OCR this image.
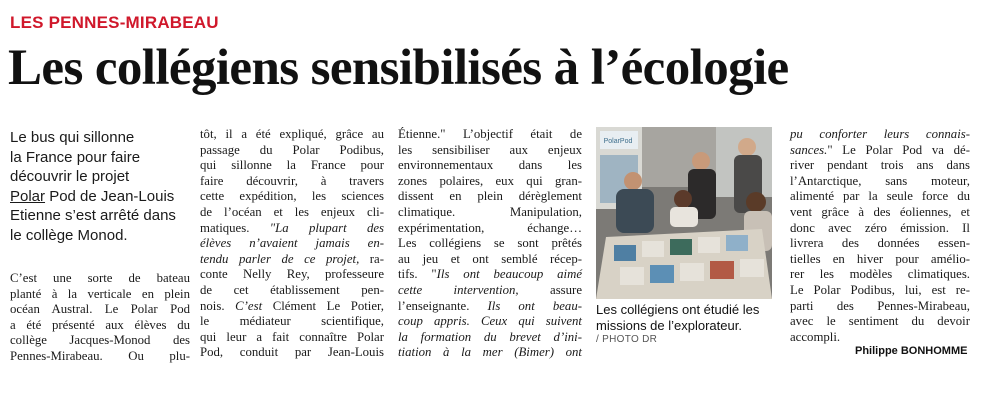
LES PENNES-MIRABEAU
Les collégiens sensibilisés à l’écologie
Le bus qui sillonne
la France pour faire
découvrir le projet
Polar Pod de Jean-Louis
Etienne s’est arrêté dans
le collège Monod.
C’est une sorte de bateau
planté à la verticale en plein
océan Austral. Le Polar Pod
a été présenté aux élèves du
collège Jacques-Monod des
Pennes-Mirabeau. Ou plu-
tôt, il a été expliqué, grâce au
passage du Polar Podibus,
qui sillonne la France pour
faire découvrir, à travers
cette expédition, les sciences
de l’océan et les enjeux cli-
matiques. "La plupart des
élèves n’avaient jamais en-
tendu parler de ce projet, ra-
conte Nelly Rey, professeure
de cet établissement pen-
nois. C’est Clément Le Potier,
le médiateur scientifique,
qui leur a fait connaître Polar
Pod, conduit par Jean-Louis
Étienne." L’objectif était de
les sensibiliser aux enjeux
environnementaux dans les
zones polaires, eux qui gran-
dissent en plein dérèglement
climatique. Manipulation,
expérimentation, échange…
Les collégiens se sont prêtés
au jeu et ont semblé récep-
tifs. "Ils ont beaucoup aimé
cette intervention, assure
l’enseignante. Ils ont beau-
coup appris. Ceux qui suivent
la formation du brevet d’ini-
tiation à la mer (Bimer) ont
PolarPod
Les collégiens ont étudié les
missions de l’explorateur.
/ PHOTO DR
pu conforter leurs connais-
sances." Le Polar Pod va dé-
river pendant trois ans dans
l’Antarctique, sans moteur,
alimenté par la seule force du
vent grâce à des éoliennes, et
donc avec zéro émission. Il
livrera des données essen-
tielles en hiver pour amélio-
rer les modèles climatiques.
Le Polar Podibus, lui, est re-
parti des Pennes-Mirabeau,
avec le sentiment du devoir
accompli.
Philippe BONHOMME
